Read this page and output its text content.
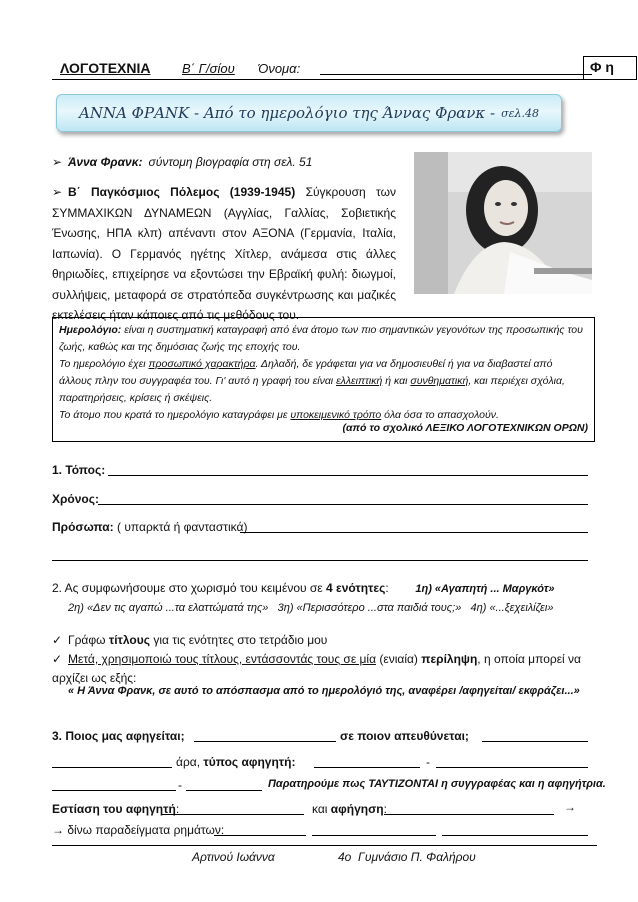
ΛΟΓΟΤΕΧΝΙΑ Β΄ Γ/σίου Όνομα:	Φ η
ΑΝΝΑ ΦΡΑΝΚ - Από το ημερολόγιο της Άννας Φρανκ - σελ.48
➢ Άννα Φρανκ: σύντομη βιογραφία στη σελ. 51
➢ Β΄ Παγκόσμιος Πόλεμος (1939-1945) Σύγκρουση των ΣΥΜΜΑΧΙΚΩΝ ΔΥΝΑΜΕΩΝ (Αγγλίας, Γαλλίας, Σοβιετικής Ένωσης, ΗΠΑ κλπ) απέναντι στον ΑΞΟΝΑ (Γερμανία, Ιταλία, Ιαπωνία). Ο Γερμανός ηγέτης Χίτλερ, ανάμεσα στις άλλες θηριωδίες, επιχείρησε να εξοντώσει την Εβραϊκή φυλή: διωγμοί, συλλήψεις, μεταφορά σε στρατόπεδα συγκέντρωσης και μαζικές εκτελέσεις ήταν κάποιες από τις μεθόδους του.
Ημερολόγιο: είναι η συστηματική καταγραφή από ένα άτομο των πιο σημαντικών γεγονότων της προσωπικής του ζωής, καθώς και της δημόσιας ζωής της εποχής του.
Το ημερολόγιο έχει προσωπικό χαρακτήρα. Δηλαδή, δε γράφεται για να δημοσιευθεί ή για να διαβαστεί από άλλους πλην του συγγραφέα του. Γι' αυτό η γραφή του είναι ελλειπτική ή και συνθηματική, και περιέχει σχόλια, παρατηρήσεις, κρίσεις ή σκέψεις.
Το άτομο που κρατά το ημερολόγιο καταγράφει με υποκειμενικό τρόπο όλα όσα το απασχολούν.
(από το σχολικό ΛΕΞΙΚΟ ΛΟΓΟΤΕΧΝΙΚΩΝ ΟΡΩΝ)
1. Τόπος:
Χρόνος:
Πρόσωπα: ( υπαρκτά ή φανταστικά)
2. Ας συμφωνήσουμε στο χωρισμό του κειμένου σε 4 ενότητες: 1η) «Αγαπητή ... Μαργκότ»
2η) «Δεν τις αγαπώ ...τα ελαττώματά της» 3η) «Περισσότερο ...στα παιδιά τους;» 4η) «...ξεχειλίζει»
✓ Γράφω τίτλους για τις ενότητες στο τετράδιο μου
✓ Μετά, χρησιμοποιώ τους τίτλους, εντάσσοντάς τους σε μία (ενιαία) περίληψη, η οποία μπορεί να αρχίζει ως εξής:
« Η Άννα Φρανκ, σε αυτό το απόσπασμα από το ημερολόγιό της, αναφέρει /αφηγείται/ εκφράζει...»
3. Ποιος μας αφηγείται;	σε ποιον απευθύνεται;
άρα, τύπος αφηγητή:	-
-	Παρατηρούμε πως ΤΑΥΤΙΖΟΝΤΑΙ η συγγραφέας και η αφηγήτρια.
Εστίαση του αφηγητή:	και αφήγηση:	→
→ δίνω παραδείγματα ρημάτων:
Αρτινού Ιωάννα	4ο Γυμνάσιο Π. Φαλήρου
